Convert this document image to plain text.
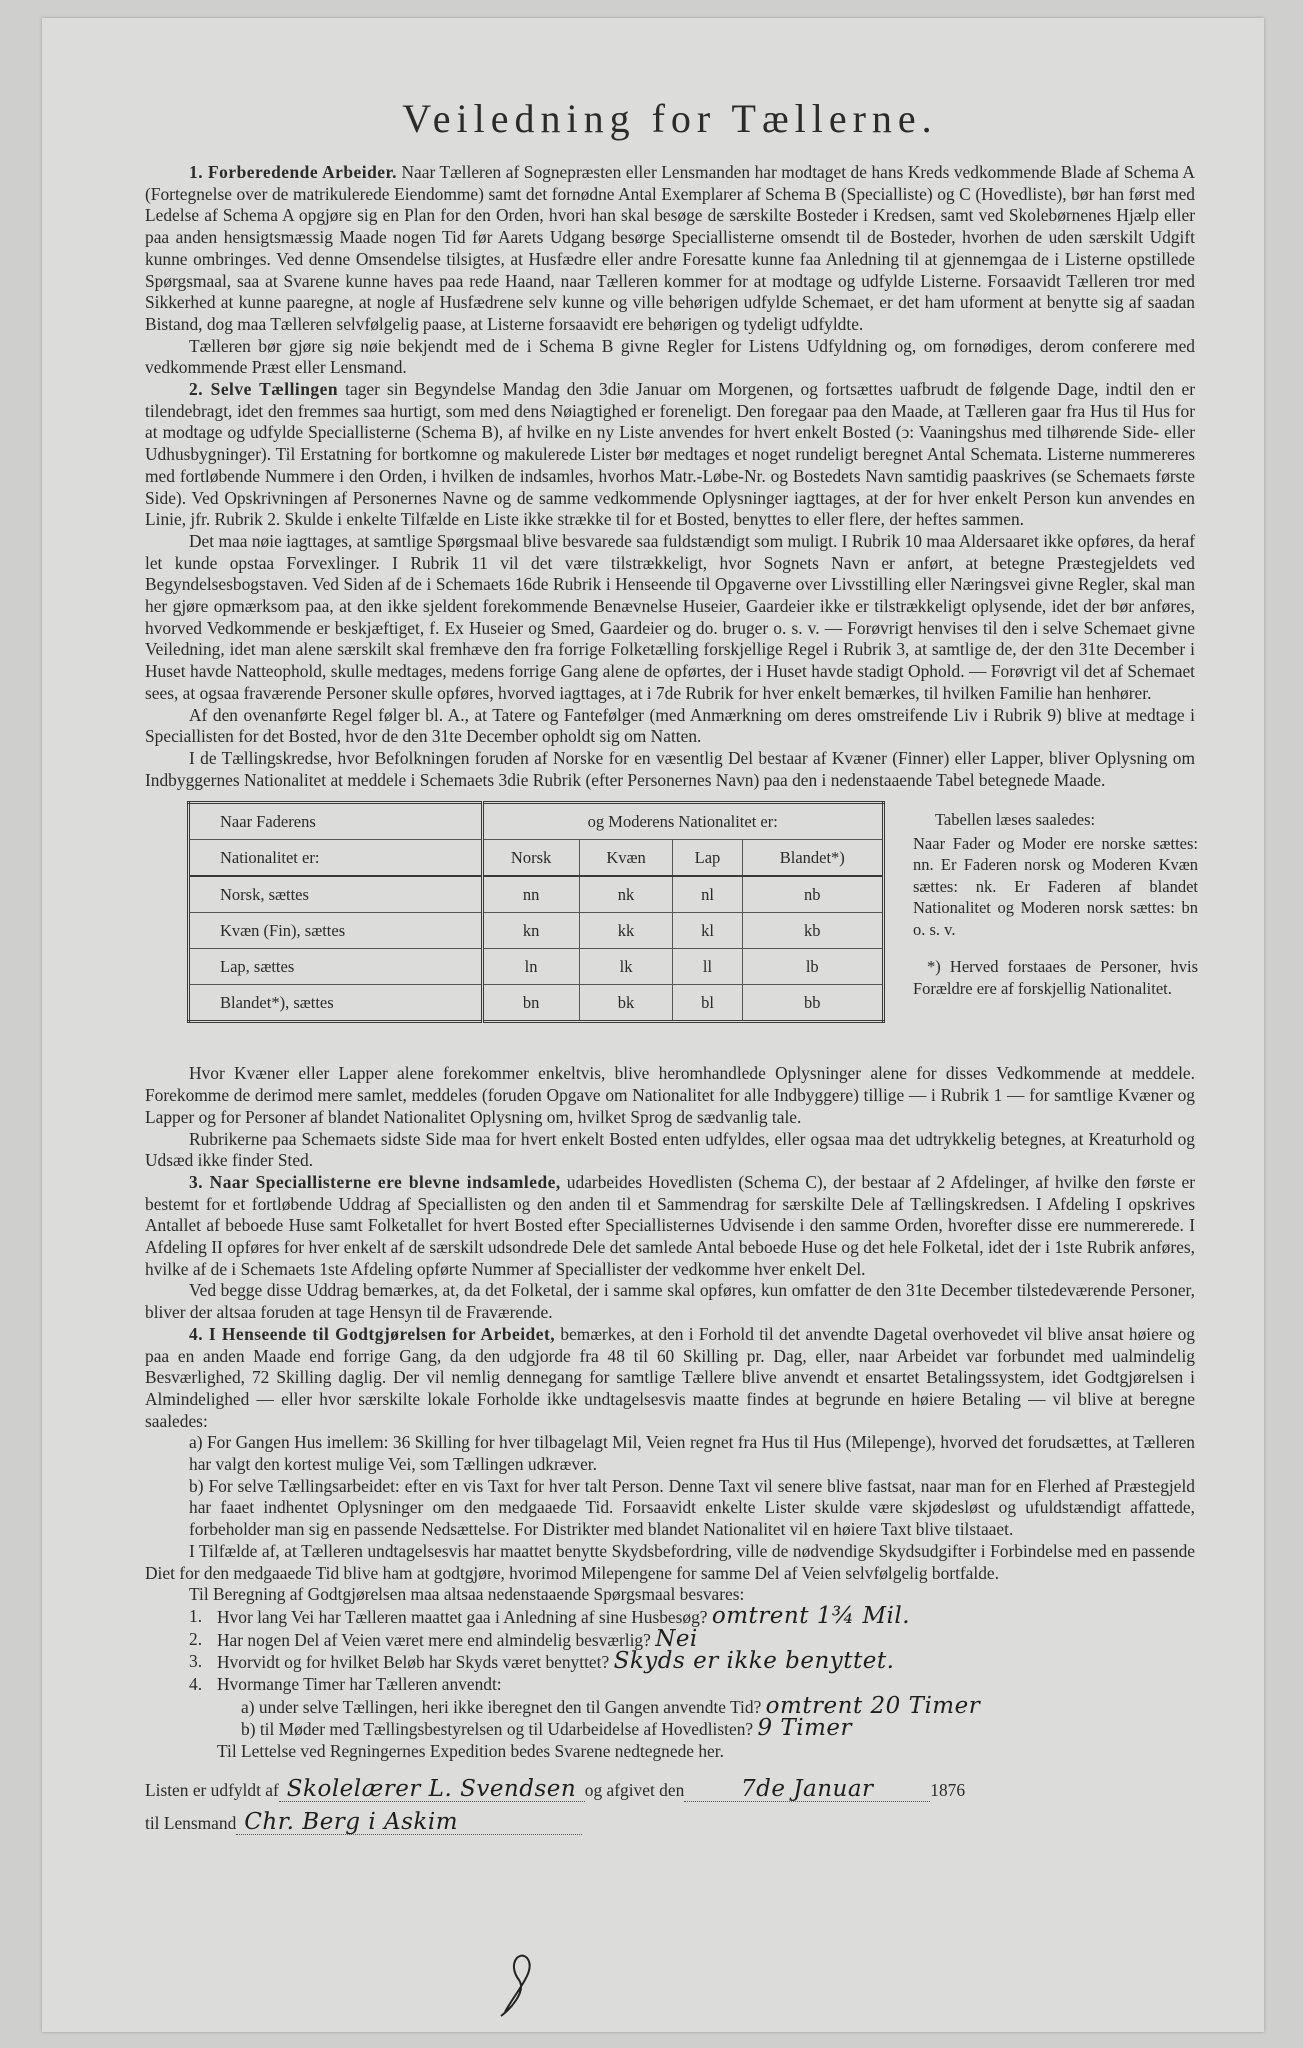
Veiledning for Tællerne.

1. Forberedende Arbeider. Naar Tælleren af Sognepræsten eller Lensmanden har modtaget de hans Kreds vedkommende Blade af Schema A (Fortegnelse over de matrikulerede Eiendomme) samt det fornødne Antal Exemplarer af Schema B (Specialliste) og C (Hovedliste), bør han først med Ledelse af Schema A opgjøre sig en Plan for den Orden, hvori han skal besøge de særskilte Bosteder i Kredsen, samt ved Skolebørnenes Hjælp eller paa anden hensigtsmæssig Maade nogen Tid før Aarets Udgang besørge Speciallisterne omsendt til de Bosteder, hvorhen de uden særskilt Udgift kunne ombringes. Ved denne Omsendelse tilsigtes, at Husfædre eller andre Foresatte kunne faa Anledning til at gjennemgaa de i Listerne opstillede Spørgsmaal, saa at Svarene kunne haves paa rede Haand, naar Tælleren kommer for at modtage og udfylde Listerne. Forsaavidt Tælleren tror med Sikkerhed at kunne paaregne, at nogle af Husfædrene selv kunne og ville behørigen udfylde Schemaet, er det ham uforment at benytte sig af saadan Bistand, dog maa Tælleren selvfølgelig paase, at Listerne forsaavidt ere behørigen og tydeligt udfyldte.

Tælleren bør gjøre sig nøie bekjendt med de i Schema B givne Regler for Listens Udfyldning og, om fornødiges, derom conferere med vedkommende Præst eller Lensmand.

2. Selve Tællingen tager sin Begyndelse Mandag den 3die Januar om Morgenen, og fortsættes uafbrudt de følgende Dage, indtil den er tilendebragt, idet den fremmes saa hurtigt, som med dens Nøiagtighed er foreneligt. Den foregaar paa den Maade, at Tælleren gaar fra Hus til Hus for at modtage og udfylde Speciallisterne (Schema B), af hvilke en ny Liste anvendes for hvert enkelt Bosted (ↄ: Vaaningshus med tilhørende Side- eller Udhusbygninger). Til Erstatning for bortkomne og makulerede Lister bør medtages et noget rundeligt beregnet Antal Schemata. Listerne nummereres med fortløbende Nummere i den Orden, i hvilken de indsamles, hvorhos Matr.-Løbe-Nr. og Bostedets Navn samtidig paaskrives (se Schemaets første Side). Ved Opskrivningen af Personernes Navne og de samme vedkommende Oplysninger iagttages, at der for hver enkelt Person kun anvendes en Linie, jfr. Rubrik 2. Skulde i enkelte Tilfælde en Liste ikke strække til for et Bosted, benyttes to eller flere, der heftes sammen.

Det maa nøie iagttages, at samtlige Spørgsmaal blive besvarede saa fuldstændigt som muligt. I Rubrik 10 maa Aldersaaret ikke opføres, da heraf let kunde opstaa Forvexlinger. I Rubrik 11 vil det være tilstrækkeligt, hvor Sognets Navn er anført, at betegne Præstegjeldets ved Begyndelsesbogstaven. Ved Siden af de i Schemaets 16de Rubrik i Henseende til Opgaverne over Livsstilling eller Næringsvei givne Regler, skal man her gjøre opmærksom paa, at den ikke sjeldent forekommende Benævnelse Huseier, Gaardeier ikke er tilstrækkeligt oplysende, idet der bør anføres, hvorved Vedkommende er beskjæftiget, f. Ex Huseier og Smed, Gaardeier og do. bruger o. s. v. — Forøvrigt henvises til den i selve Schemaet givne Veiledning, idet man alene særskilt skal fremhæve den fra forrige Folketælling forskjellige Regel i Rubrik 3, at samtlige de, der den 31te December i Huset havde Natteophold, skulle medtages, medens forrige Gang alene de opførtes, der i Huset havde stadigt Ophold. — Forøvrigt vil det af Schemaet sees, at ogsaa fraværende Personer skulle opføres, hvorved iagttages, at i 7de Rubrik for hver enkelt bemærkes, til hvilken Familie han henhører.

Af den ovenanførte Regel følger bl. A., at Tatere og Fantefølger (med Anmærkning om deres omstreifende Liv i Rubrik 9) blive at medtage i Speciallisten for det Bosted, hvor de den 31te December opholdt sig om Natten.

I de Tællingskredse, hvor Befolkningen foruden af Norske for en væsentlig Del bestaar af Kvæner (Finner) eller Lapper, bliver Oplysning om Indbyggernes Nationalitet at meddele i Schemaets 3die Rubrik (efter Personernes Navn) paa den i nedenstaaende Tabel betegnede Maade.

Naar Faderens	og Moderens Nationalitet er:			
Nationalitet er:	Norsk	Kvæn	Lap	Blandet*)
Norsk, sættes	nn	nk	nl	nb
Kvæn (Fin), sættes	kn	kk	kl	kb
Lap, sættes	ln	lk	ll	lb
Blandet*), sættes	bn	bk	bl	bb
Tabellen læses saaledes:
Naar Fader og Moder ere norske sættes: nn. Er Faderen norsk og Moderen Kvæn sættes: nk. Er Faderen af blandet Nationalitet og Moderen norsk sættes: bn o. s. v.
*) Herved forstaaes de Personer, hvis Forældre ere af forskjellig Nationalitet.

Hvor Kvæner eller Lapper alene forekommer enkeltvis, blive heromhandlede Oplysninger alene for disses Vedkommende at meddele. Forekomme de derimod mere samlet, meddeles (foruden Opgave om Nationalitet for alle Indbyggere) tillige — i Rubrik 1 — for samtlige Kvæner og Lapper og for Personer af blandet Nationalitet Oplysning om, hvilket Sprog de sædvanlig tale.

Rubrikerne paa Schemaets sidste Side maa for hvert enkelt Bosted enten udfyldes, eller ogsaa maa det udtrykkelig betegnes, at Kreaturhold og Udsæd ikke finder Sted.

3. Naar Speciallisterne ere blevne indsamlede, udarbeides Hovedlisten (Schema C), der bestaar af 2 Afdelinger, af hvilke den første er bestemt for et fortløbende Uddrag af Speciallisten og den anden til et Sammendrag for særskilte Dele af Tællingskredsen. I Afdeling I opskrives Antallet af beboede Huse samt Folketallet for hvert Bosted efter Speciallisternes Udvisende i den samme Orden, hvorefter disse ere nummererede. I Afdeling II opføres for hver enkelt af de særskilt udsondrede Dele det samlede Antal beboede Huse og det hele Folketal, idet der i 1ste Rubrik anføres, hvilke af de i Schemaets 1ste Afdeling opførte Nummer af Speciallister der vedkomme hver enkelt Del.

Ved begge disse Uddrag bemærkes, at, da det Folketal, der i samme skal opføres, kun omfatter de den 31te December tilstedeværende Personer, bliver der altsaa foruden at tage Hensyn til de Fraværende.

4. I Henseende til Godtgjørelsen for Arbeidet, bemærkes, at den i Forhold til det anvendte Dagetal overhovedet vil blive ansat høiere og paa en anden Maade end forrige Gang, da den udgjorde fra 48 til 60 Skilling pr. Dag, eller, naar Arbeidet var forbundet med ualmindelig Besværlighed, 72 Skilling daglig. Der vil nemlig dennegang for samtlige Tællere blive anvendt et ensartet Betalingssystem, idet Godtgjørelsen i Almindelighed — eller hvor særskilte lokale Forholde ikke undtagelsesvis maatte findes at begrunde en høiere Betaling — vil blive at beregne saaledes:

a) For Gangen Hus imellem: 36 Skilling for hver tilbagelagt Mil, Veien regnet fra Hus til Hus (Milepenge), hvorved det forudsættes, at Tælleren har valgt den kortest mulige Vei, som Tællingen udkræver.

b) For selve Tællingsarbeidet: efter en vis Taxt for hver talt Person. Denne Taxt vil senere blive fastsat, naar man for en Flerhed af Præstegjeld har faaet indhentet Oplysninger om den medgaaede Tid. Forsaavidt enkelte Lister skulde være skjødesløst og ufuldstændigt affattede, forbeholder man sig en passende Nedsættelse. For Distrikter med blandet Nationalitet vil en høiere Taxt blive tilstaaet.

I Tilfælde af, at Tælleren undtagelsesvis har maattet benytte Skydsbefordring, ville de nødvendige Skydsudgifter i Forbindelse med en passende Diet for den medgaaede Tid blive ham at godtgjøre, hvorimod Milepengene for samme Del af Veien selvfølgelig bortfalde.

Til Beregning af Godtgjørelsen maa altsaa nedenstaaende Spørgsmaal besvares:

1. Hvor lang Vei har Tælleren maattet gaa i Anledning af sine Husbesøg? omtrent 1¾ Mil.

2. Har nogen Del af Veien været mere end almindelig besværlig? Nei

3. Hvorvidt og for hvilket Beløb har Skyds været benyttet? Skyds er ikke benyttet.

4. Hvormange Timer har Tælleren anvendt:

a) under selve Tællingen, heri ikke iberegnet den til Gangen anvendte Tid? omtrent 20 Timer

b) til Møder med Tællingsbestyrelsen og til Udarbeidelse af Hovedlisten? 9 Timer

Til Lettelse ved Regningernes Expedition bedes Svarene nedtegnede her.

Listen er udfyldt af Skolelærer L. Svendsen og afgivet den	7de Januar	1876
til Lensmand Chr. Berg i Askim
